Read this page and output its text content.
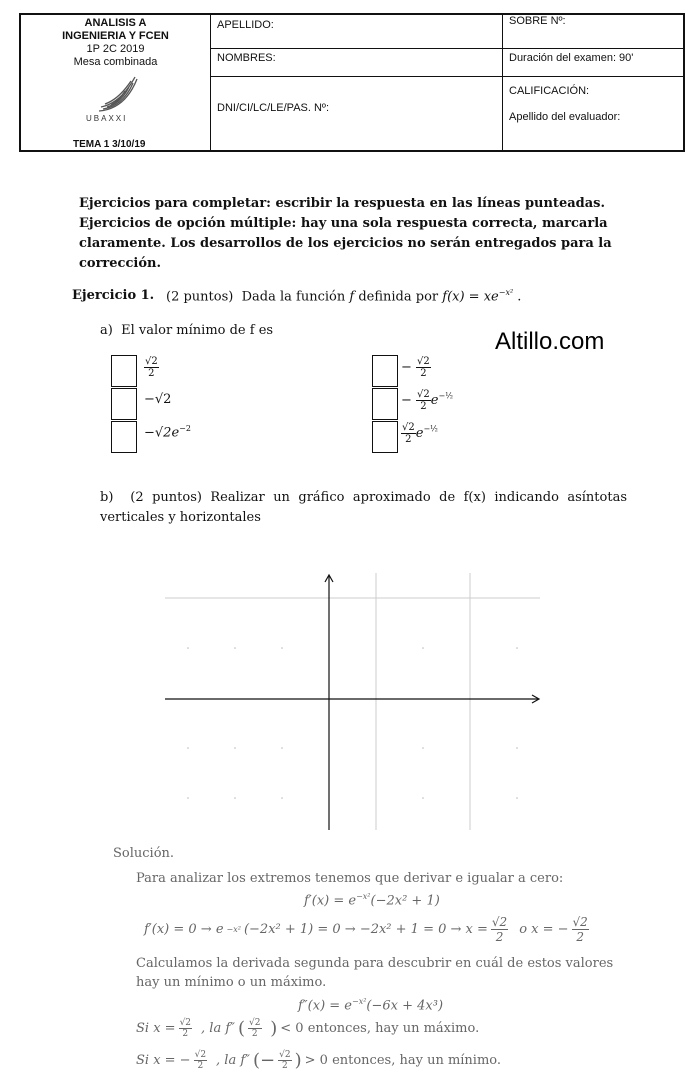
ANALISIS A
INGENIERIA Y FCEN
1P 2C 2019
Mesa combinada
UBAXXI
TEMA 1 3/10/19
APELLIDO:
NOMBRES:
DNI/CI/LC/LE/PAS. Nº:
SOBRE Nº:
Duración del examen: 90'
CALIFICACIÓN:
Apellido del evaluador:
Ejercicios para completar: escribir la respuesta en las líneas punteadas. Ejercicios de opción múltiple: hay una sola respuesta correcta, marcarla claramente. Los desarrollos de los ejercicios no serán entregados para la corrección.
Ejercicio 1. (2 puntos) Dada la función f definida por $f(x) = xe^{-x^2}$ .
Altillo.com
a) El valor mínimo de f es
$\frac{√2}{2}$
−√2
$-√2e^{-2}$
− $\frac{√2}{2}$
− $\frac{√2}{2} e^{-\frac{1}{2}}$
$\frac{√2}{2} e^{-\frac{1}{2}}$
b) (2 puntos) Realizar un gráfico aproximado de f(x) indicando asíntotas verticales y horizontales
Solución.
Para analizar los extremos tenemos que derivar e igualar a cero:
$f'(x) = e^{-x^2}(-2x^2 + 1)$
f′(x) = 0 → e −x² $(-2x^2 + 1) = 0 \to -2x^2 + 1 = 0 \to x = \frac{√2}{2}$ o x = − $\frac{√2}{2}$
Calculamos la derivada segunda para descubrir en cuál de estos valores hay un mínimo o un máximo.
$f''(x) = e^{-x^2}(-6x + 4x^3)$
Si $x = \frac{√2}{2}$ , la f″ ( $\frac{√2}{2}$ ) < 0 entonces, hay un máximo.
Si x = − $\frac{√2}{2}$ , la f″ (− $\frac{√2}{2}$ ) > 0 entonces, hay un mínimo.
